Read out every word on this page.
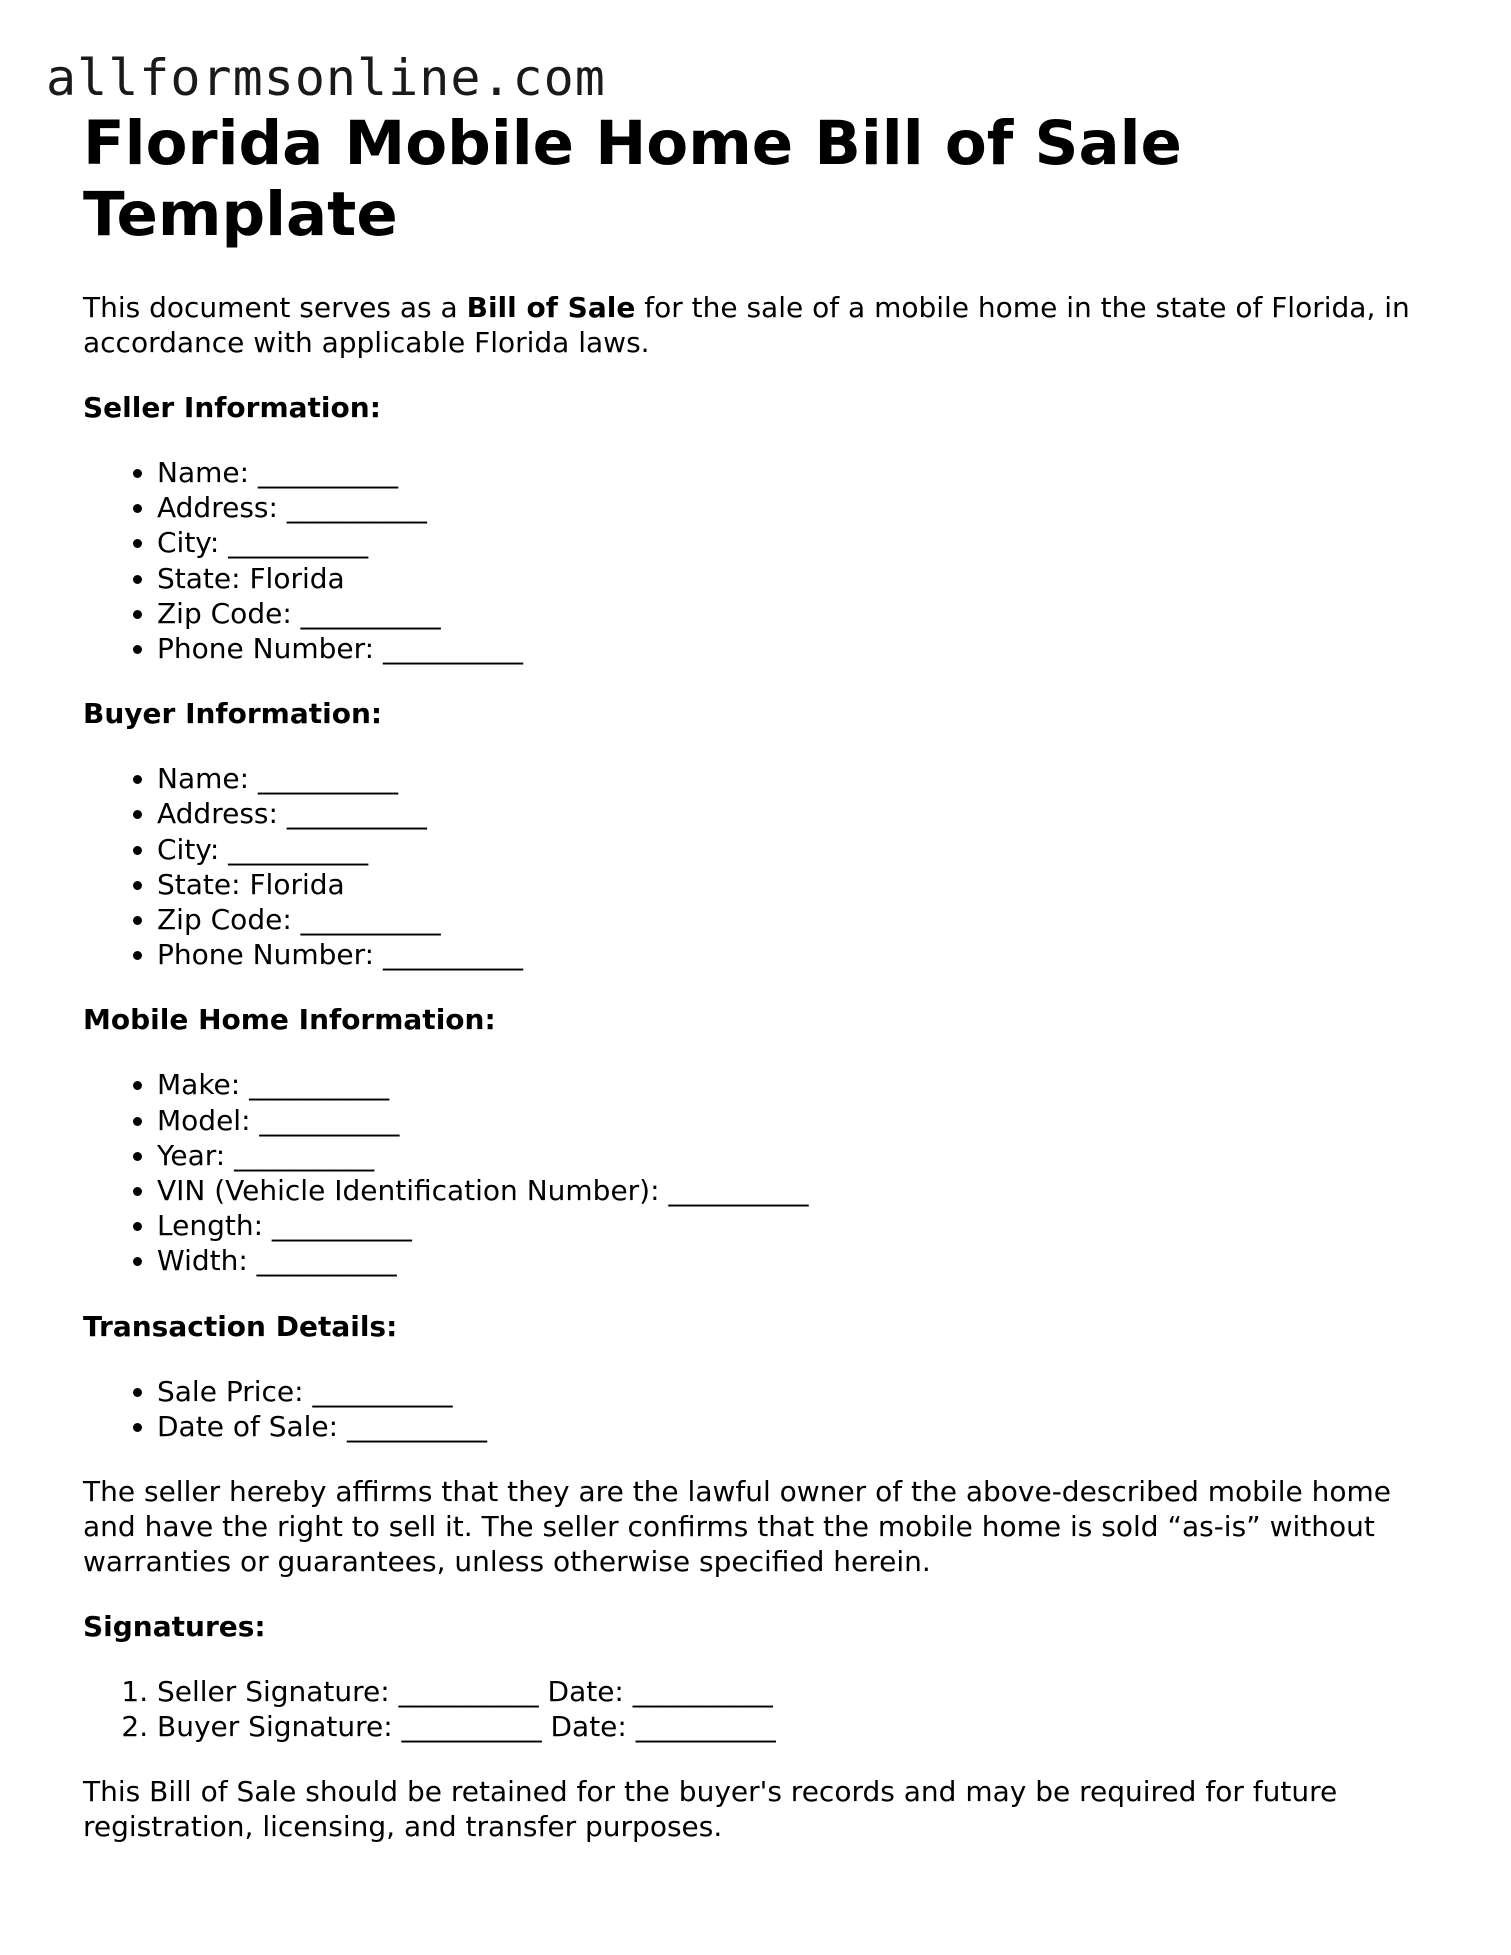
allformsonline.com
Florida Mobile Home Bill of Sale Template

This document serves as a Bill of Sale for the sale of a mobile home in the state of Florida, in accordance with applicable Florida laws.

Seller Information:
• Name: __________
• Address: __________
• City: __________
• State: Florida
• Zip Code: __________
• Phone Number: __________
Buyer Information:
• Name: __________
• Address: __________
• City: __________
• State: Florida
• Zip Code: __________
• Phone Number: __________
Mobile Home Information:
• Make: __________
• Model: __________
• Year: __________
• VIN (Vehicle Identification Number): __________
• Length: __________
• Width: __________
Transaction Details:
• Sale Price: __________
• Date of Sale: __________

The seller hereby affirms that they are the lawful owner of the above-described mobile home and have the right to sell it. The seller confirms that the mobile home is sold “as-is” without warranties or guarantees, unless otherwise specified herein.

Signatures:
1. Seller Signature: __________ Date: __________
2. Buyer Signature: __________ Date: __________

This Bill of Sale should be retained for the buyer's records and may be required for future registration, licensing, and transfer purposes.
